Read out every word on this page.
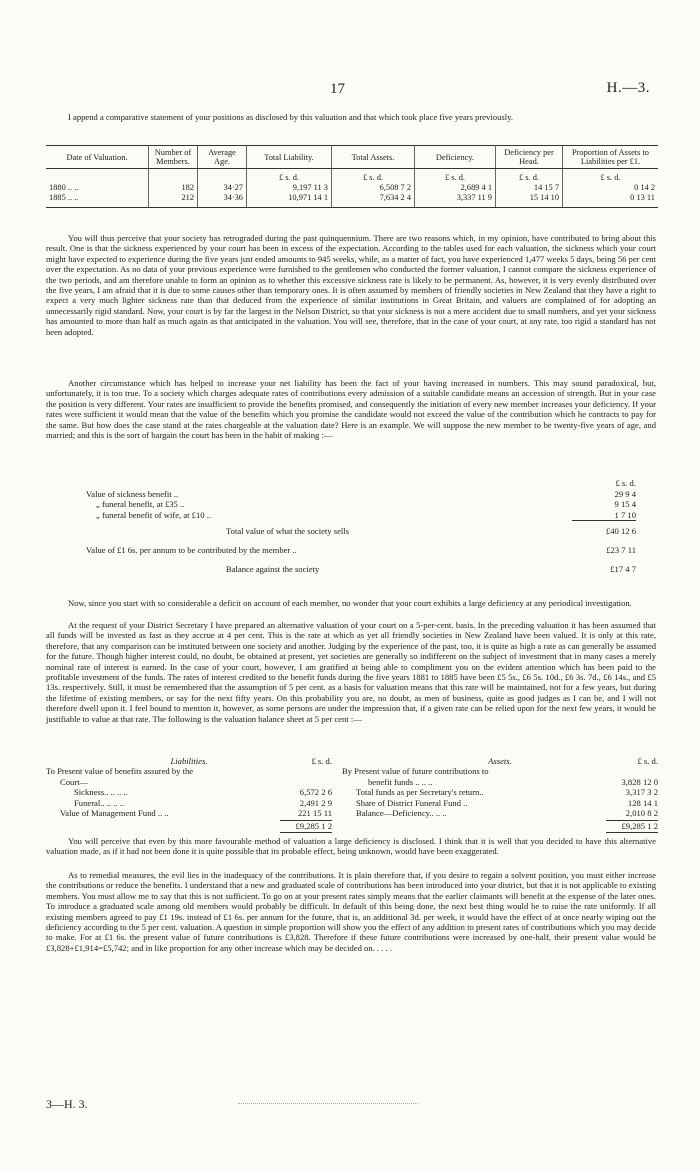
17	H.—3.

I append a comparative statement of your positions as disclosed by this valuation and that which took place five years previously.

Date of Valuation.	Number of Members.	Average Age.	Total Liability.	Total Assets.	Deficiency.	Deficiency per Head.	Proportion of Assets to Liabilities per £1.
			£ s. d.	£ s. d.	£ s. d.	£ s. d.	£ s. d.
1880 .. ..	182	34·27	9,197 11 3	6,508 7 2	2,689 4 1	14 15 7	0 14 2
1885 .. ..	212	34·36	10,971 14 1	7,634 2 4	3,337 11 9	15 14 10	0 13 11

You will thus perceive that your society has retrograded during the past quinquennium. There are two reasons which, in my opinion, have contributed to bring about this result. One is that the sickness experienced by your court has been in excess of the expectation. According to the tables used for each valuation, the sickness which your court might have expected to experience during the five years just ended amounts to 945 weeks, while, as a matter of fact, you have experienced 1,477 weeks 5 days, being 56 per cent over the expectation. As no data of your previous experience were furnished to the gentlemen who conducted the former valuation, I cannot compare the sickness experience of the two periods, and am therefore unable to form an opinion as to whether this excessive sickness rate is likely to be permanent. As, however, it is very evenly distributed over the five years, I am afraid that it is due to some causes other than temporary ones. It is often assumed by members of friendly societies in New Zealand that they have a right to expect a very much lighter sickness rate than that deduced from the experience of similar institutions in Great Britain, and valuers are complained of for adopting an unnecessarily rigid standard. Now, your court is by far the largest in the Nelson District, so that your sickness is not a mere accident due to small numbers, and yet your sickness has amounted to more than half as much again as that anticipated in the valuation. You will see, therefore, that in the case of your court, at any rate, too rigid a standard has not been adopted.

Another circumstance which has helped to increase your net liability has been the fact of your having increased in numbers. This may sound paradoxical, but, unfortunately, it is too true. To a society which charges adequate rates of contributions every admission of a suitable candidate means an accession of strength. But in your case the position is very different. Your rates are insufficient to provide the benefits promised, and consequently the initiation of every new member increases your deficiency. If your rates were sufficient it would mean that the value of the benefits which you promise the candidate would not exceed the value of the contribution which he contracts to pay for the same. But how does the case stand at the rates chargeable at the valuation date? Here is an example. We will suppose the new member to be twenty-five years of age, and married; and this is the sort of bargain the court has been in the habit of making :—

£ s. d.
Value of sickness benefit ..	29 9 4
„ funeral benefit, at £35 ..	9 15 4
„ funeral benefit of wife, at £10 ..	1 7 10
Total value of what the society sells	£40 12 6
Value of £1 6s. per annum to be contributed by the member ..	£23 7 11
Balance against the society	£17 4 7

Now, since you start with so considerable a deficit on account of each member, no wonder that your court exhibits a large deficiency at any periodical investigation.

At the request of your District Secretary I have prepared an alternative valuation of your court on a 5-per-cent. basis. In the preceding valuation it has been assumed that all funds will be invested as fast as they accrue at 4 per cent. This is the rate at which as yet all friendly societies in New Zealand have been valued. It is only at this rate, therefore, that any comparison can be instituted between one society and another. Judging by the experience of the past, too, it is quite as high a rate as can generally be assumed for the future. Though higher interest could, no doubt, be obtained at present, yet societies are generally so indifferent on the subject of investment that in many cases a merely nominal rate of interest is earned. In the case of your court, however, I am gratified at being able to compliment you on the evident attention which has been paid to the profitable investment of the funds. The rates of interest credited to the benefit funds during the five years 1881 to 1885 have been £5 5s., £6 5s. 10d., £6 3s. 7d., £6 14s., and £5 13s. respectively. Still, it must be remembered that the assumption of 5 per cent. as a basis for valuation means that this rate will be maintained, not for a few years, but during the lifetime of existing members, or say for the next fifty years. On this probability you are, no doubt, as men of business, quite as good judges as I can be, and I will not therefore dwell upon it. I feel bound to mention it, however, as some persons are under the impression that, if a given rate can be relied upon for the next few years, it would be justifiable to value at that rate. The following is the valuation balance sheet at 5 per cent :—

Liabilities.	£ s. d.
To Present value of benefits assured by the
Court—
Sickness.. .. .. ..	6,572 2 6
Funeral.. .. .. ..	2,491 2 9
Value of Management Fund .. ..	221 15 11
£9,285 1 2
Assets.	£ s. d.
By Present value of future contributions to
benefit funds .. .. ..	3,828 12 0
Total funds as per Secretary's return..	3,317 3 2
Share of District Funeral Fund ..	128 14 1
Balance—Deficiency.. .. ..	2,010 8 2
£9,285 1 2

You will perceive that even by this more favourable method of valuation a large deficiency is disclosed. I think that it is well that you decided to have this alternative valuation made, as if it had not been done it is quite possible that its probable effect, being unknown, would have been exaggerated.

As to remedial measures, the evil lies in the inadequacy of the contributions. It is plain therefore that, if you desire to regain a solvent position, you must either increase the contributions or reduce the benefits. I understand that a new and graduated scale of contributions has been introduced into your district, but that it is not applicable to existing members. You must allow me to say that this is not sufficient. To go on at your present rates simply means that the earlier claimants will benefit at the expense of the later ones. To introduce a graduated scale among old members would probably be difficult. In default of this being done, the next best thing would be to raise the rate uniformly. If all existing members agreed to pay £1 19s. instead of £1 6s. per annum for the future, that is, an additional 3d. per week, it would have the effect of at once nearly wiping out the deficiency according to the 5 per cent. valuation. A question in simple proportion will show you the effect of any addition to present rates of contributions which you may decide to make. For at £1 6s. the present value of future contributions is £3,828. Therefore if these future contributions were increased by one-half, their present value would be £3,828+£1,914=£5,742; and in like proportion for any other increase which may be decided on. . . . .

3—H. 3.
